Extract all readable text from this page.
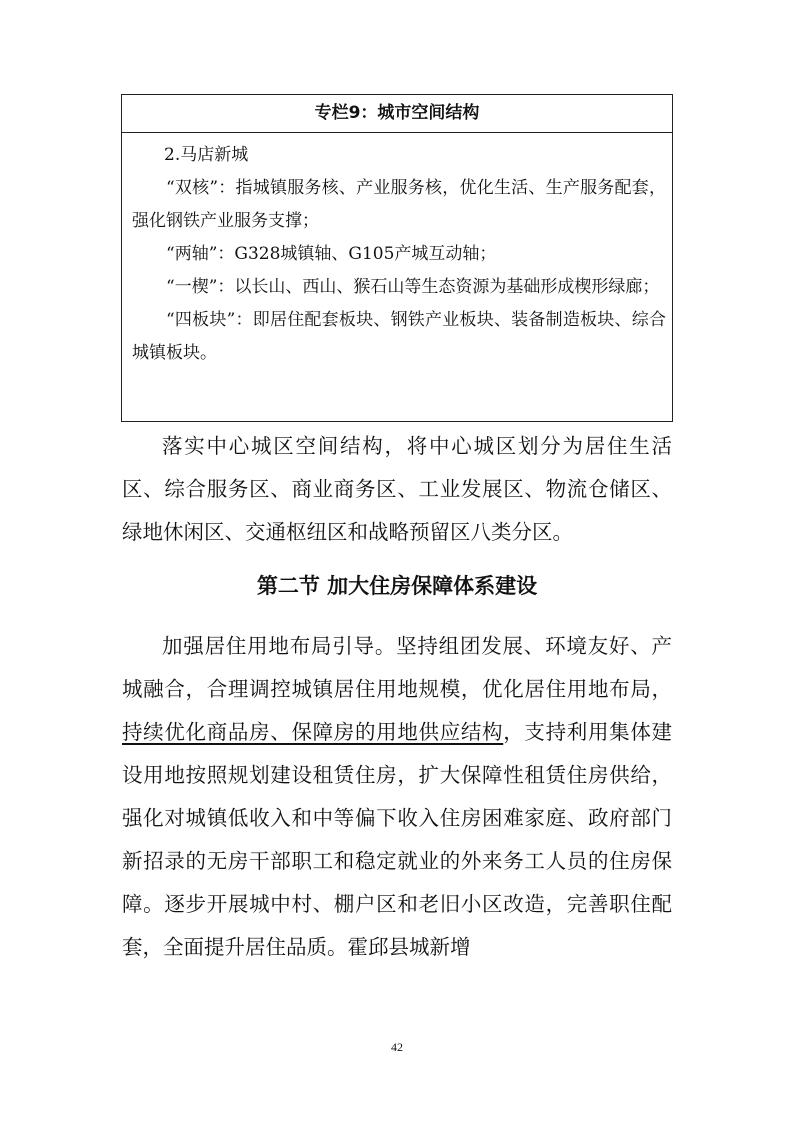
专栏9：城市空间结构

2.马店新城

“双核”：指城镇服务核、产业服务核，优化生活、生产服务配套，强化钢铁产业服务支撑；

“两轴”：G328城镇轴、G105产城互动轴；

“一楔”：以长山、西山、猴石山等生态资源为基础形成楔形绿廊；

“四板块”：即居住配套板块、钢铁产业板块、装备制造板块、综合城镇板块。

落实中心城区空间结构，将中心城区划分为居住生活区、综合服务区、商业商务区、工业发展区、物流仓储区、绿地休闲区、交通枢纽区和战略预留区八类分区。

第二节 加大住房保障体系建设

加强居住用地布局引导。坚持组团发展、环境友好、产城融合，合理调控城镇居住用地规模，优化居住用地布局，持续优化商品房、保障房的用地供应结构，支持利用集体建设用地按照规划建设租赁住房，扩大保障性租赁住房供给，强化对城镇低收入和中等偏下收入住房困难家庭、政府部门新招录的无房干部职工和稳定就业的外来务工人员的住房保障。逐步开展城中村、棚户区和老旧小区改造，完善职住配套，全面提升居住品质。霍邱县城新增

42
